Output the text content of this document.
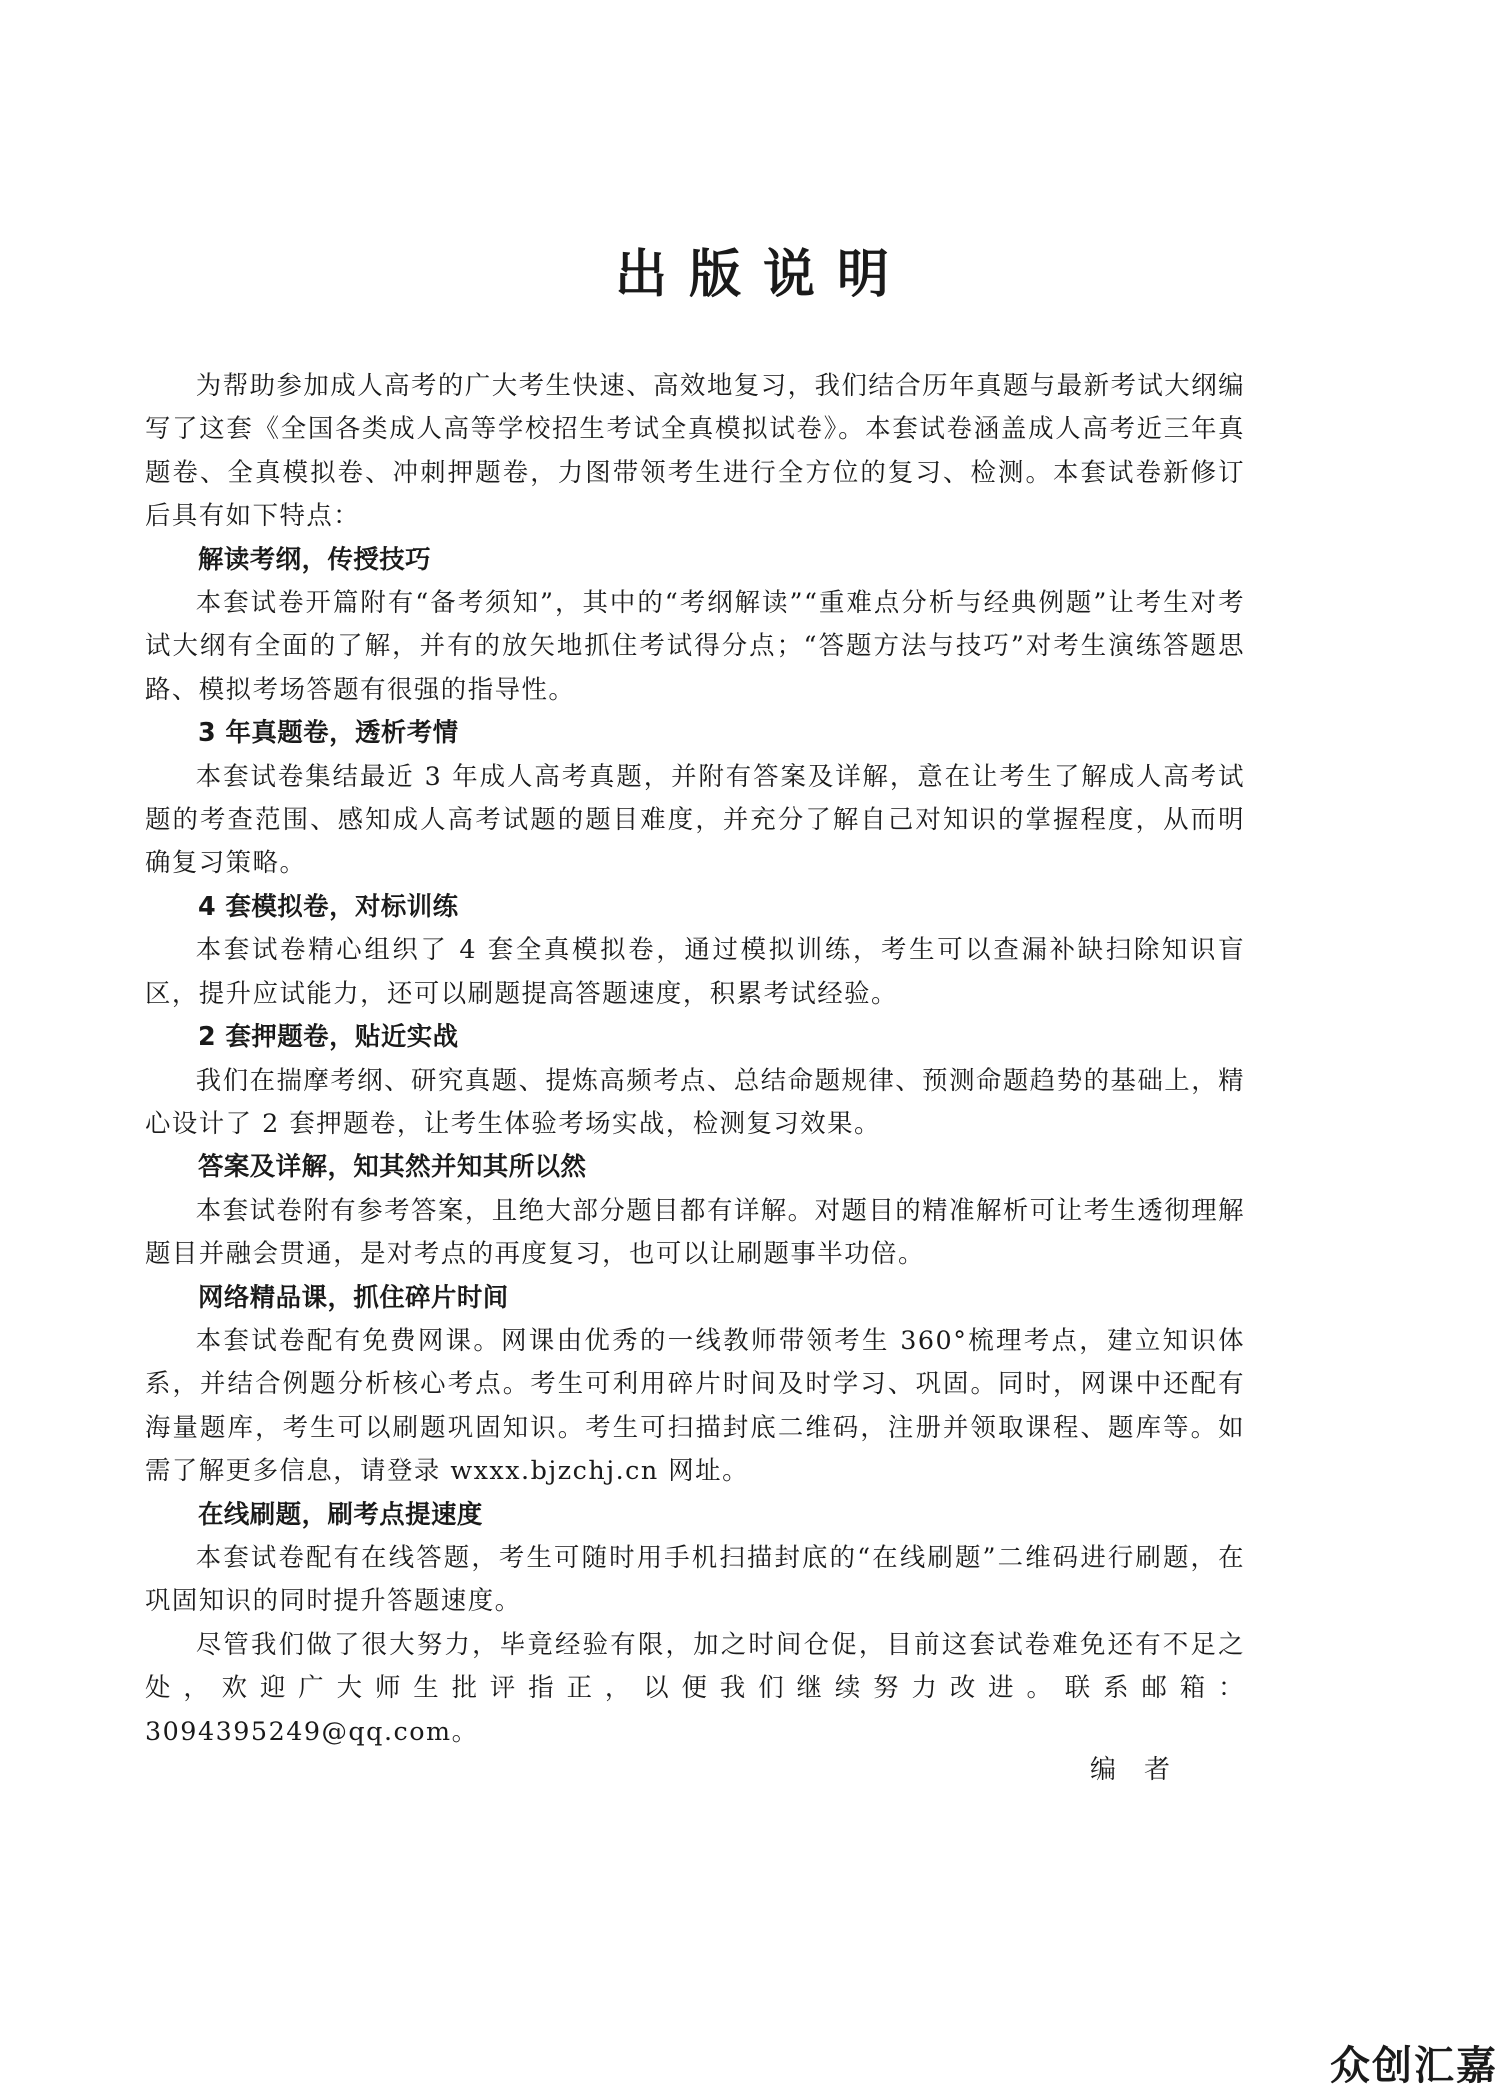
出版说明

为帮助参加成人高考的广大考生快速、高效地复习，我们结合历年真题与最新考试大纲编写了这套《全国各类成人高等学校招生考试全真模拟试卷》。本套试卷涵盖成人高考近三年真题卷、全真模拟卷、冲刺押题卷，力图带领考生进行全方位的复习、检测。本套试卷新修订后具有如下特点：

解读考纲，传授技巧

本套试卷开篇附有“备考须知”，其中的“考纲解读”“重难点分析与经典例题”让考生对考试大纲有全面的了解，并有的放矢地抓住考试得分点；“答题方法与技巧”对考生演练答题思路、模拟考场答题有很强的指导性。

3 年真题卷，透析考情

本套试卷集结最近 3 年成人高考真题，并附有答案及详解，意在让考生了解成人高考试题的考查范围、感知成人高考试题的题目难度，并充分了解自己对知识的掌握程度，从而明确复习策略。

4 套模拟卷，对标训练

本套试卷精心组织了 4 套全真模拟卷，通过模拟训练，考生可以查漏补缺扫除知识盲区，提升应试能力，还可以刷题提高答题速度，积累考试经验。

2 套押题卷，贴近实战

我们在揣摩考纲、研究真题、提炼高频考点、总结命题规律、预测命题趋势的基础上，精心设计了 2 套押题卷，让考生体验考场实战，检测复习效果。

答案及详解，知其然并知其所以然

本套试卷附有参考答案，且绝大部分题目都有详解。对题目的精准解析可让考生透彻理解题目并融会贯通，是对考点的再度复习，也可以让刷题事半功倍。

网络精品课，抓住碎片时间

本套试卷配有免费网课。网课由优秀的一线教师带领考生 360°梳理考点，建立知识体系，并结合例题分析核心考点。考生可利用碎片时间及时学习、巩固。同时，网课中还配有海量题库，考生可以刷题巩固知识。考生可扫描封底二维码，注册并领取课程、题库等。如需了解更多信息，请登录 wxxx.bjzchj.cn 网址。

在线刷题，刷考点提速度

本套试卷配有在线答题，考生可随时用手机扫描封底的“在线刷题”二维码进行刷题，在巩固知识的同时提升答题速度。

尽管我们做了很大努力，毕竟经验有限，加之时间仓促，目前这套试卷难免还有不足之处，欢迎广大师生批评指正，以便我们继续努力改进。联系邮箱：3094395249@qq.com。

编者
众创汇嘉
